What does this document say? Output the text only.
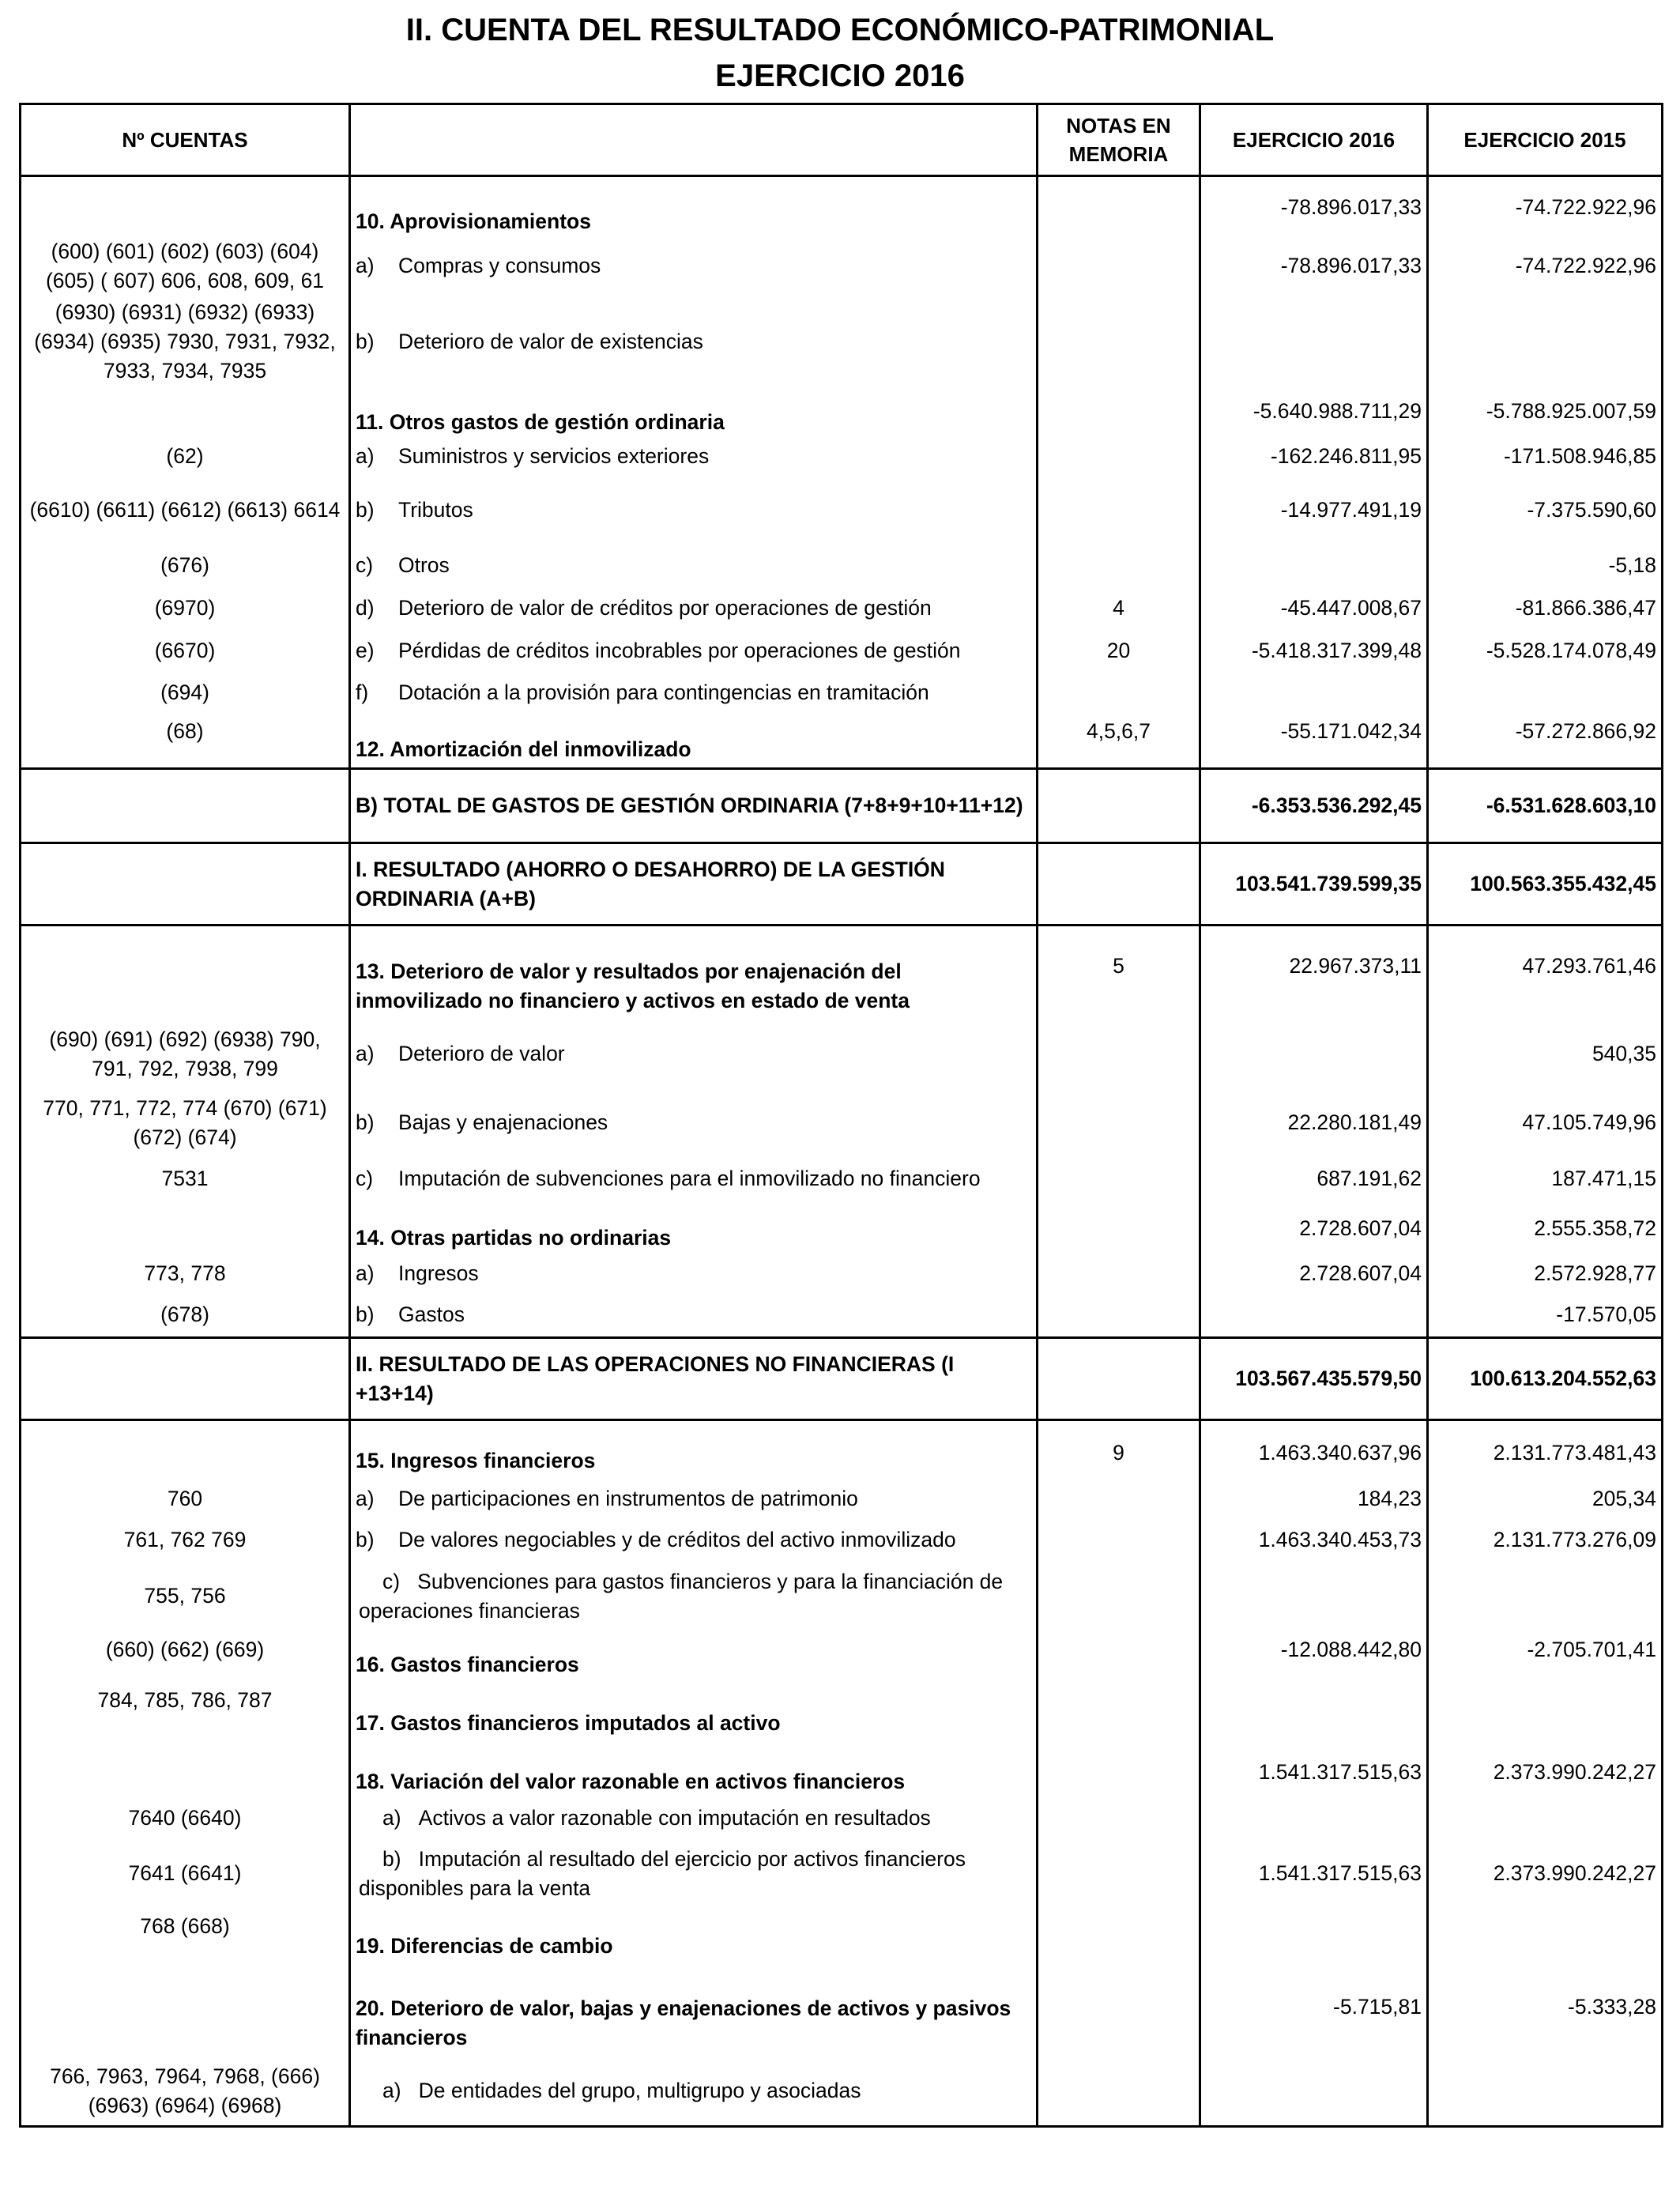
II. CUENTA DEL RESULTADO ECONÓMICO-PATRIMONIAL
EJERCICIO 2016
Nº CUENTAS		NOTAS EN MEMORIA	EJERCICIO 2016	EJERCICIO 2015
	10. Aprovisionamientos		-78.896.017,33	-74.722.922,96
(600) (601) (602) (603) (604) (605) ( 607) 606, 608, 609, 61	a) Compras y consumos		-78.896.017,33	-74.722.922,96
(6930) (6931) (6932) (6933) (6934) (6935) 7930, 7931, 7932, 7933, 7934, 7935	b) Deterioro de valor de existencias			
	11. Otros gastos de gestión ordinaria		-5.640.988.711,29	-5.788.925.007,59
(62)	a) Suministros y servicios exteriores		-162.246.811,95	-171.508.946,85
(6610) (6611) (6612) (6613) 6614	b) Tributos		-14.977.491,19	-7.375.590,60
(676)	c) Otros			-5,18
(6970)	d) Deterioro de valor de créditos por operaciones de gestión	4	-45.447.008,67	-81.866.386,47
(6670)	e) Pérdidas de créditos incobrables por operaciones de gestión	20	-5.418.317.399,48	-5.528.174.078,49
(694)	f) Dotación a la provisión para contingencias en tramitación			
(68)	12. Amortización del inmovilizado	4,5,6,7	-55.171.042,34	-57.272.866,92
	B) TOTAL DE GASTOS DE GESTIÓN ORDINARIA (7+8+9+10+11+12)		-6.353.536.292,45	-6.531.628.603,10
	I. RESULTADO (AHORRO O DESAHORRO) DE LA GESTIÓN ORDINARIA (A+B)		103.541.739.599,35	100.563.355.432,45
	13. Deterioro de valor y resultados por enajenación del inmovilizado no financiero y activos en estado de venta	5	22.967.373,11	47.293.761,46
(690) (691) (692) (6938) 790, 791, 792, 7938, 799	a) Deterioro de valor			540,35
770, 771, 772, 774 (670) (671) (672) (674)	b) Bajas y enajenaciones		22.280.181,49	47.105.749,96
7531	c) Imputación de subvenciones para el inmovilizado no financiero		687.191,62	187.471,15
	14. Otras partidas no ordinarias		2.728.607,04	2.555.358,72
773, 778	a) Ingresos		2.728.607,04	2.572.928,77
(678)	b) Gastos			-17.570,05
	II. RESULTADO DE LAS OPERACIONES NO FINANCIERAS (I +13+14)		103.567.435.579,50	100.613.204.552,63
	15. Ingresos financieros	9	1.463.340.637,96	2.131.773.481,43
760	a) De participaciones en instrumentos de patrimonio		184,23	205,34
761, 762 769	b) De valores negociables y de créditos del activo inmovilizado		1.463.340.453,73	2.131.773.276,09
755, 756	c) Subvenciones para gastos financieros y para la financiación de operaciones financieras			
(660) (662) (669)	16. Gastos financieros		-12.088.442,80	-2.705.701,41
784, 785, 786, 787	17. Gastos financieros imputados al activo			
	18. Variación del valor razonable en activos financieros		1.541.317.515,63	2.373.990.242,27
7640 (6640)	a) Activos a valor razonable con imputación en resultados			
7641 (6641)	b) Imputación al resultado del ejercicio por activos financieros disponibles para la venta		1.541.317.515,63	2.373.990.242,27
768 (668)	19. Diferencias de cambio			
	20. Deterioro de valor, bajas y enajenaciones de activos y pasivos financieros		-5.715,81	-5.333,28
766, 7963, 7964, 7968, (666) (6963) (6964) (6968)	a) De entidades del grupo, multigrupo y asociadas			
